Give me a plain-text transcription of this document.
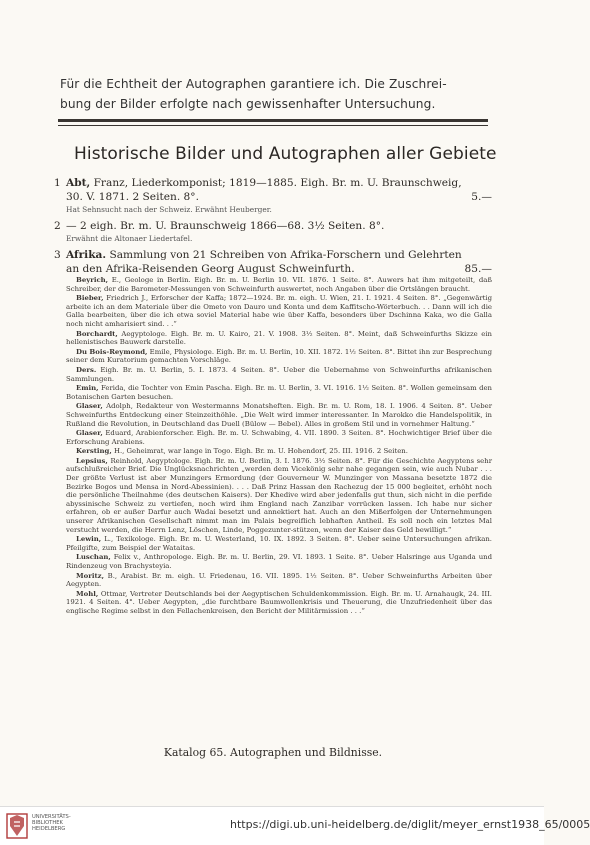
Für die Echtheit der Autographen garantiere ich. Die Zuschrei-
bung der Bilder erfolgte nach gewissenhafter Untersuchung.
Historische Bilder und Autographen aller Gebiete
1 Abt, Franz, Liederkomponist; 1819—1885. Eigh. Br. m. U. Braunschweig,
30. V. 1871. 2 Seiten. 8°.	5.—
Hat Sehnsucht nach der Schweiz. Erwähnt Heuberger.
2 — 2 eigh. Br. m. U. Braunschweig 1866—68. 3½ Seiten. 8°.
Erwähnt die Altonaer Liedertafel.
3 Afrika. Sammlung von 21 Schreiben von Afrika-Forschern und Gelehrten
an den Afrika-Reisenden Georg August Schweinfurth.	85.—

Beyrich, E., Geologe in Berlin. Eigh. Br. m. U. Berlin 10. VII. 1876. 1 Seite. 8°. Auwers hat ihm mitgeteilt, daß Schreiber, der die Barometer-Messungen von Schweinfurth auswertet, noch Angaben über die Ortslängen braucht.

Bieber, Friedrich J., Erforscher der Kaffa; 1872—1924. Br. m. eigh. U. Wien, 21. I. 1921. 4 Seiten. 8°. „Gegenwärtig arbeite ich an dem Materiale über die Ometo von Dauro und Konta und dem Kaffitscho-Wörterbuch. . . Dann will ich die Galla bearbeiten, über die ich etwa soviel Material habe wie über Kaffa, besonders über Dschinna Kaka, wo die Galla noch nicht amharisiert sind. . .“

Borchardt, Aegyptologe. Eigh. Br. m. U. Kairo, 21. V. 1908. 3½ Seiten. 8°. Meint, daß Schweinfurths Skizze ein hellenistisches Bauwerk darstelle.

Du Bois-Reymond, Emile, Physiologe. Eigh. Br. m. U. Berlin, 10. XII. 1872. 1½ Seiten. 8°. Bittet ihn zur Besprechung seiner dem Kuratorium gemachten Vorschläge.

Ders. Eigh. Br. m. U. Berlin, 5. I. 1873. 4 Seiten. 8°. Ueber die Uebernahme von Schweinfurths afrikanischen Sammlungen.

Emin, Ferida, die Tochter von Emin Pascha. Eigh. Br. m. U. Berlin, 3. VI. 1916. 1½ Seiten. 8°. Wollen gemeinsam den Botanischen Garten besuchen.

Glaser, Adolph, Redakteur von Westermanns Monatsheften. Eigh. Br. m. U. Rom, 18. I. 1906. 4 Seiten. 8°. Ueber Schweinfurths Entdeckung einer Steinzeithöhle. „Die Welt wird immer interessanter. In Marokko die Handelspolitik, in Rußland die Revolution, in Deutschland das Duell (Bülow — Bebel). Alles in großem Stil und in vornehmer Haltung.“

Glaser, Eduard, Arabienforscher. Eigh. Br. m. U. Schwabing, 4. VII. 1890. 3 Seiten. 8°. Hochwichtiger Brief über die Erforschung Arabiens.

Kersting, H., Geheimrat, war lange in Togo. Eigh. Br. m. U. Hohendorf, 25. III. 1916. 2 Seiten.

Lepsius, Reinhold, Aegyptologe. Eigh. Br. m. U. Berlin, 3. I. 1876. 3½ Seiten. 8°. Für die Geschichte Aegyptens sehr aufschlußreicher Brief. Die Unglücksnachrichten „werden dem Vicekönig sehr nahe gegangen sein, wie auch Nubar . . . Der größte Verlust ist aber Munzingers Ermordung (der Gouverneur W. Munzinger von Massana besetzte 1872 die Bezirke Bogos und Mensa in Nord-Abessinien). . . . Daß Prinz Hassan den Rachezug der 15 000 begleitet, erhöht noch die persönliche Theilnahme (des deutschen Kaisers). Der Khedive wird aber jedenfalls gut thun, sich nicht in die perfide abyssinische Schweiz zu vertiefen, noch wird ihm England nach Zanzibar vorrücken lassen. Ich habe nur sicher erfahren, ob er außer Darfur auch Wadai besetzt und annektiert hat. Auch an den Mißerfolgen der Unternehmungen unserer Afrikanischen Gesellschaft nimmt man im Palais begreiflich lebhaften Antheil. Es soll noch ein letztes Mal verstucht werden, die Herrn Lenz, Löschen, Linde, Poggezunter-stützen, wenn der Kaiser das Geld bewilligt.“

Lewin, L., Texikologe. Eigh. Br. m. U. Westerland, 10. IX. 1892. 3 Seiten. 8°. Ueber seine Untersuchungen afrikan. Pfeilgifte, zum Beispiel der Wataitas.

Luschan, Felix v., Anthropologe. Eigh. Br. m. U. Berlin, 29. VI. 1893. 1 Seite. 8°. Ueber Halsringe aus Uganda und Rindenzeug von Brachysteyia.

Moritz, B., Arabist. Br. m. eigh. U. Friedenau, 16. VII. 1895. 1½ Seiten. 8°. Ueber Schweinfurths Arbeiten über Aegypten.

Mohl, Ottmar, Vertreter Deutschlands bei der Aegyptischen Schuldenkommission. Eigh. Br. m. U. Arnahaugk, 24. III. 1921. 4 Seiten. 4°. Ueber Aegypten, „die furchtbare Baumwollenkrisis und Theuerung, die Unzufriedenheit über das englische Regime selbst in den Fellachenkreisen, den Bericht der Militärmission . . .“

Katalog 65. Autographen und Bildnisse.
UNIVERSITÄTS-
BIBLIOTHEK
HEIDELBERG	https://digi.ub.uni-heidelberg.de/diglit/meyer_ernst1938_65/0005
